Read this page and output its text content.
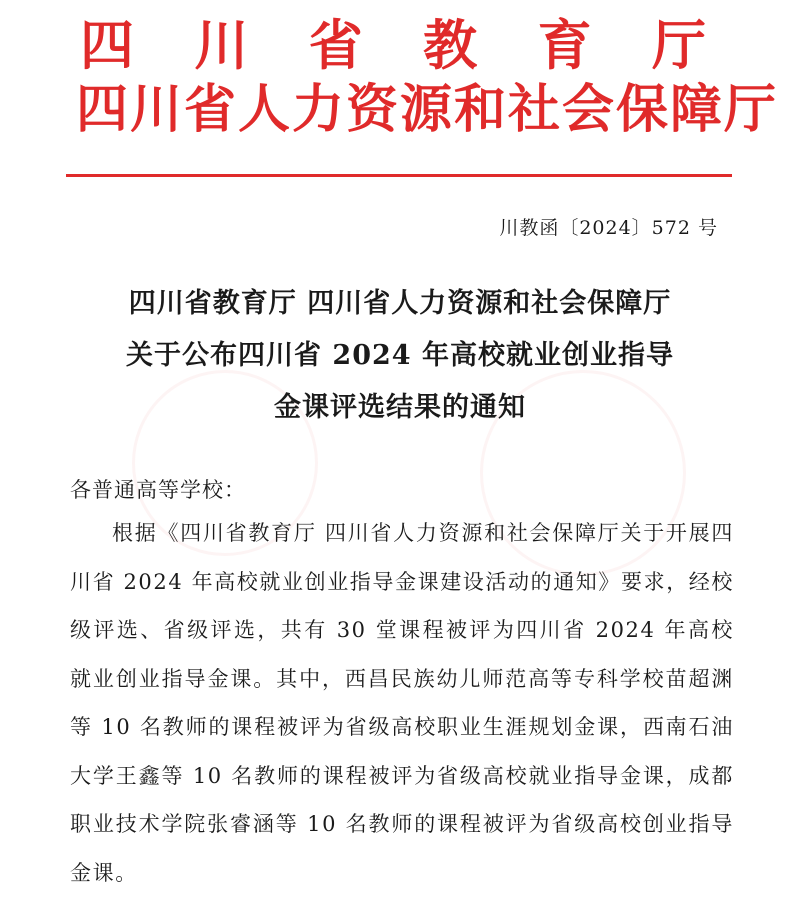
四 川 省 教 育 厅
四川省人力资源和社会保障厅
川教函〔2024〕572 号
四川省教育厅 四川省人力资源和社会保障厅
关于公布四川省 2024 年高校就业创业指导
金课评选结果的通知
各普通高等学校：
根据《四川省教育厅 四川省人力资源和社会保障厅关于开展四川省 2024 年高校就业创业指导金课建设活动的通知》要求，经校级评选、省级评选，共有 30 堂课程被评为四川省 2024 年高校就业创业指导金课。其中，西昌民族幼儿师范高等专科学校苗超渊等 10 名教师的课程被评为省级高校职业生涯规划金课，西南石油大学王鑫等 10 名教师的课程被评为省级高校就业指导金课，成都职业技术学院张睿涵等 10 名教师的课程被评为省级高校创业指导金课。
